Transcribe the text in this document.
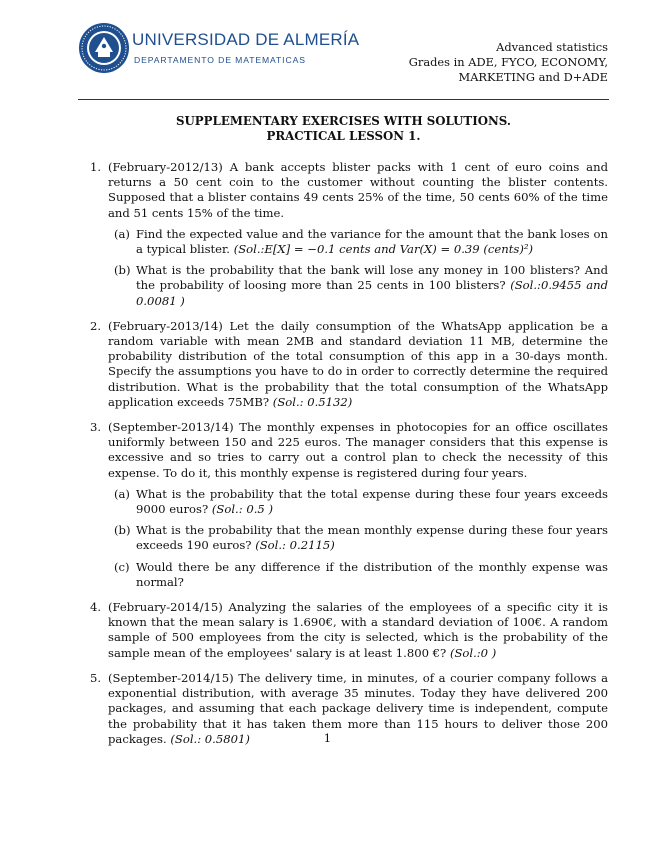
UNIVERSIDAD DE ALMERÍA
DEPARTAMENTO DE MATEMATICAS
Advanced statistics
Grades in ADE, FYCO, ECONOMY,
MARKETING and D+ADE
SUPPLEMENTARY EXERCISES WITH SOLUTIONS.
PRACTICAL LESSON 1.
1. (February-2012/13) A bank accepts blister packs with 1 cent of euro coins and returns a 50 cent coin to the customer without counting the blister contents. Supposed that a blister contains 49 cents 25% of the time, 50 cents 60% of the time and 51 cents 15% of the time.
(a) Find the expected value and the variance for the amount that the bank loses on a typical blister. (Sol.:E[X] = −0.1 cents and Var(X) = 0.39 (cents)²)
(b) What is the probability that the bank will lose any money in 100 blisters? And the probability of loosing more than 25 cents in 100 blisters? (Sol.:0.9455 and 0.0081 )
2. (February-2013/14) Let the daily consumption of the WhatsApp application be a random variable with mean 2MB and standard deviation 11 MB, determine the probability distribution of the total consumption of this app in a 30-days month. Specify the assumptions you have to do in order to correctly determine the required distribution. What is the probability that the total consumption of the WhatsApp application exceeds 75MB? (Sol.: 0.5132)
3. (September-2013/14) The monthly expenses in photocopies for an office oscillates uniformly between 150 and 225 euros. The manager considers that this expense is excessive and so tries to carry out a control plan to check the necessity of this expense. To do it, this monthly expense is registered during four years.
(a) What is the probability that the total expense during these four years exceeds 9000 euros? (Sol.: 0.5 )
(b) What is the probability that the mean monthly expense during these four years exceeds 190 euros? (Sol.: 0.2115)
(c) Would there be any difference if the distribution of the monthly expense was normal?
4. (February-2014/15) Analyzing the salaries of the employees of a specific city it is known that the mean salary is 1.690€, with a standard deviation of 100€. A random sample of 500 employees from the city is selected, which is the probability of the sample mean of the employees' salary is at least 1.800 €? (Sol.:0 )
5. (September-2014/15) The delivery time, in minutes, of a courier company follows a exponential distribution, with average 35 minutes. Today they have delivered 200 packages, and assuming that each package delivery time is independent, compute the probability that it has taken them more than 115 hours to deliver those 200 packages. (Sol.: 0.5801)	1
